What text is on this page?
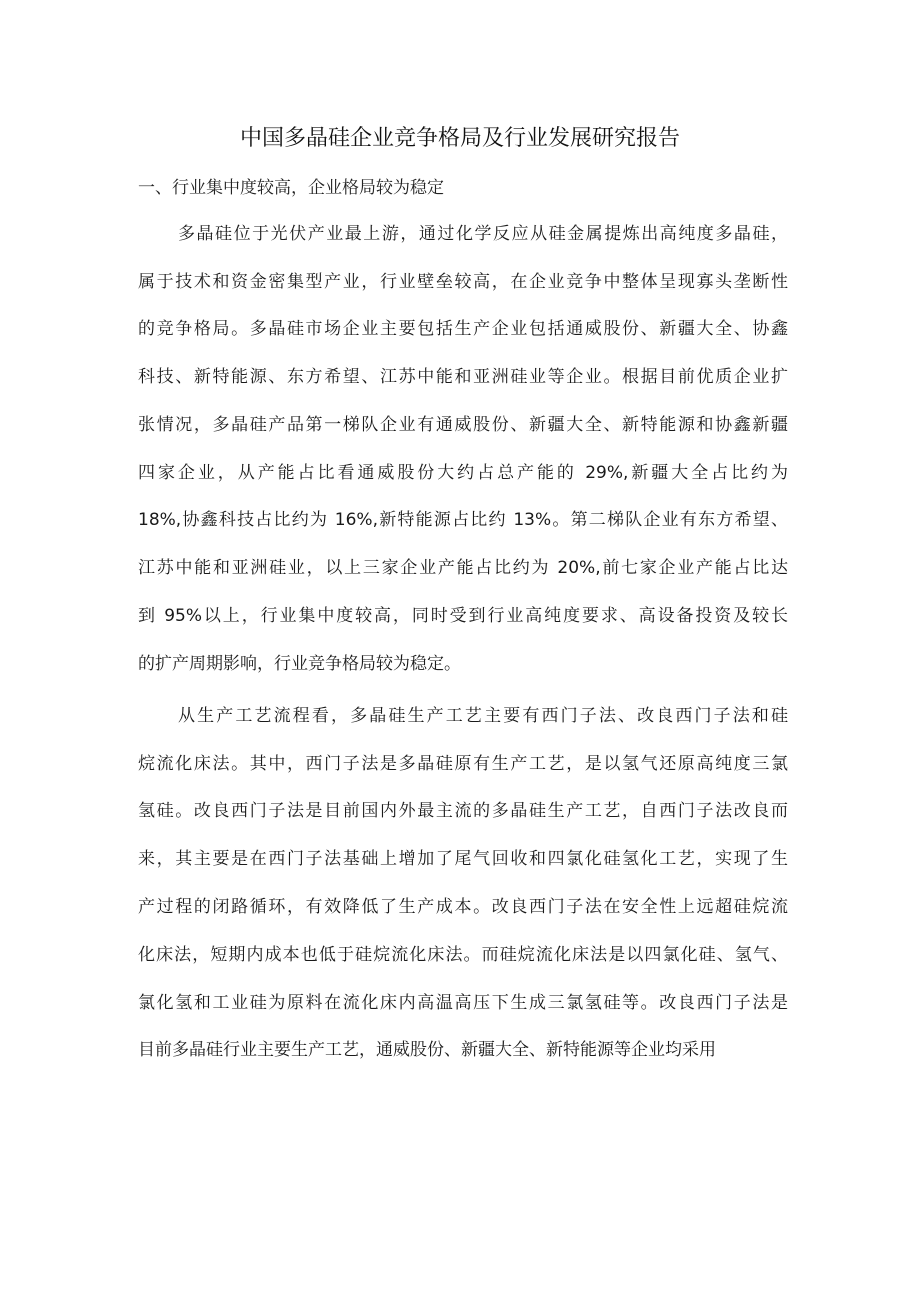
中国多晶硅企业竞争格局及行业发展研究报告
一、行业集中度较高，企业格局较为稳定
多晶硅位于光伏产业最上游，通过化学反应从硅金属提炼出高纯度多晶硅，
属于技术和资金密集型产业，行业壁垒较高，在企业竞争中整体呈现寡头垄断性
的竞争格局。多晶硅市场企业主要包括生产企业包括通威股份、新疆大全、协鑫
科技、新特能源、东方希望、江苏中能和亚洲硅业等企业。根据目前优质企业扩
张情况，多晶硅产品第一梯队企业有通威股份、新疆大全、新特能源和协鑫新疆
四家企业，从产能占比看通威股份大约占总产能的 29%,新疆大全占比约为
18%,协鑫科技占比约为 16%,新特能源占比约 13%。第二梯队企业有东方希望、
江苏中能和亚洲硅业，以上三家企业产能占比约为 20%,前七家企业产能占比达
到 95%以上，行业集中度较高，同时受到行业高纯度要求、高设备投资及较长
的扩产周期影响，行业竞争格局较为稳定。
从生产工艺流程看，多晶硅生产工艺主要有西门子法、改良西门子法和硅
烷流化床法。其中，西门子法是多晶硅原有生产工艺，是以氢气还原高纯度三氯
氢硅。改良西门子法是目前国内外最主流的多晶硅生产工艺，自西门子法改良而
来，其主要是在西门子法基础上增加了尾气回收和四氯化硅氢化工艺，实现了生
产过程的闭路循环，有效降低了生产成本。改良西门子法在安全性上远超硅烷流
化床法，短期内成本也低于硅烷流化床法。而硅烷流化床法是以四氯化硅、氢气、
氯化氢和工业硅为原料在流化床内高温高压下生成三氯氢硅等。改良西门子法是
目前多晶硅行业主要生产工艺，通威股份、新疆大全、新特能源等企业均采用
